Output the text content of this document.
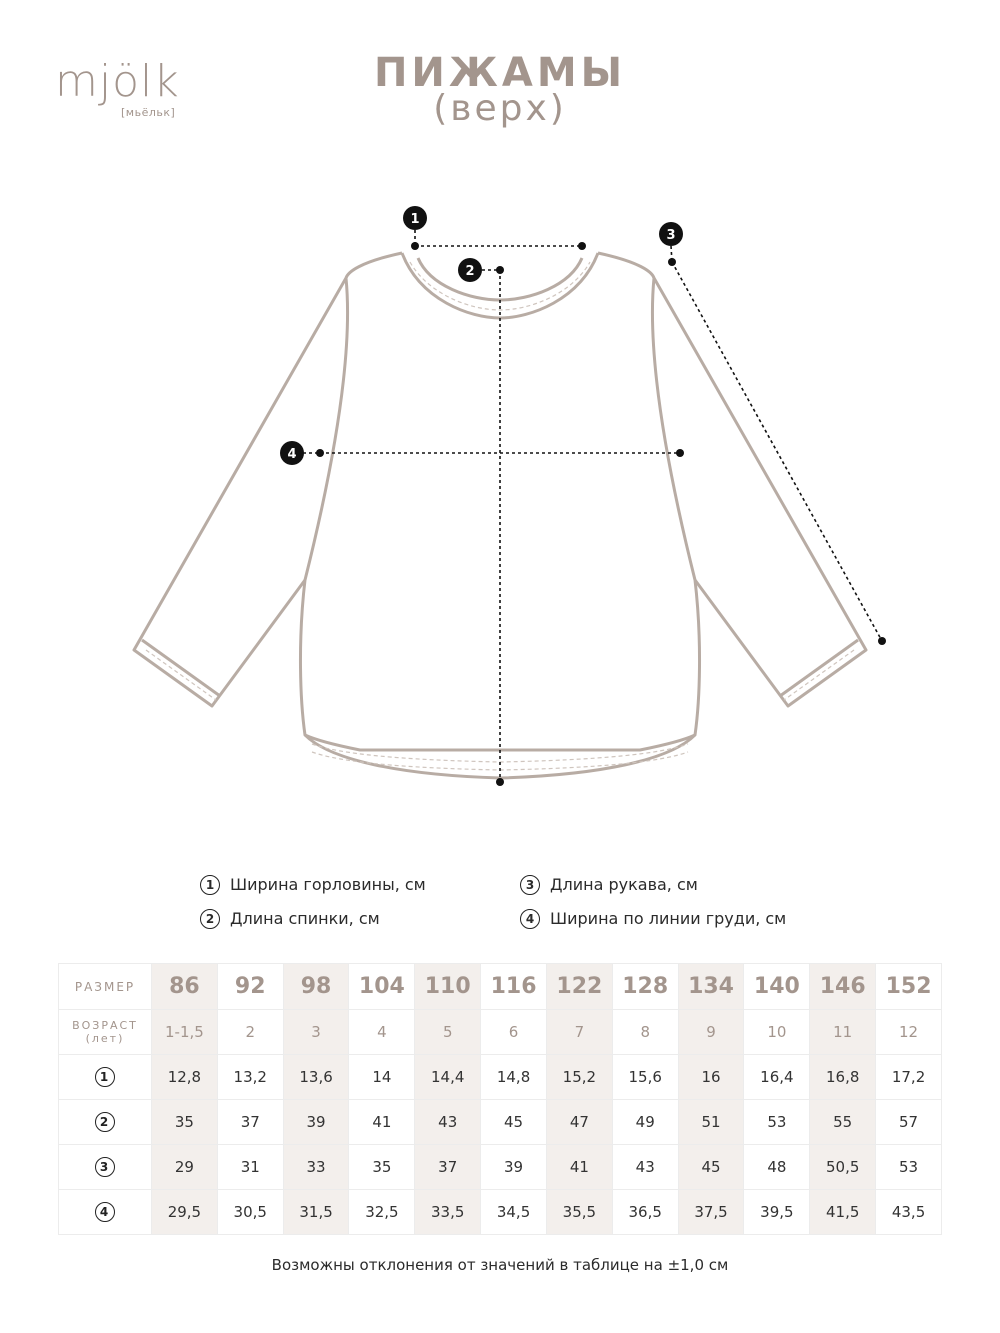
mjölk
[мьёльк]
ПИЖАМЫ
(верх)
1
2
3
4
1 Ширина горловины, см
2 Длина спинки, см
3 Длина рукава, см
4 Ширина по линии груди, см
РАЗМЕР	86	92	98	104	110	116	122	128	134	140	146	152
ВОЗРАСТ
(лет)	1-1,5	2	3	4	5	6	7	8	9	10	11	12
1	12,8	13,2	13,6	14	14,4	14,8	15,2	15,6	16	16,4	16,8	17,2
2	35	37	39	41	43	45	47	49	51	53	55	57
3	29	31	33	35	37	39	41	43	45	48	50,5	53
4	29,5	30,5	31,5	32,5	33,5	34,5	35,5	36,5	37,5	39,5	41,5	43,5
Возможны отклонения от значений в таблице на ±1,0 см
